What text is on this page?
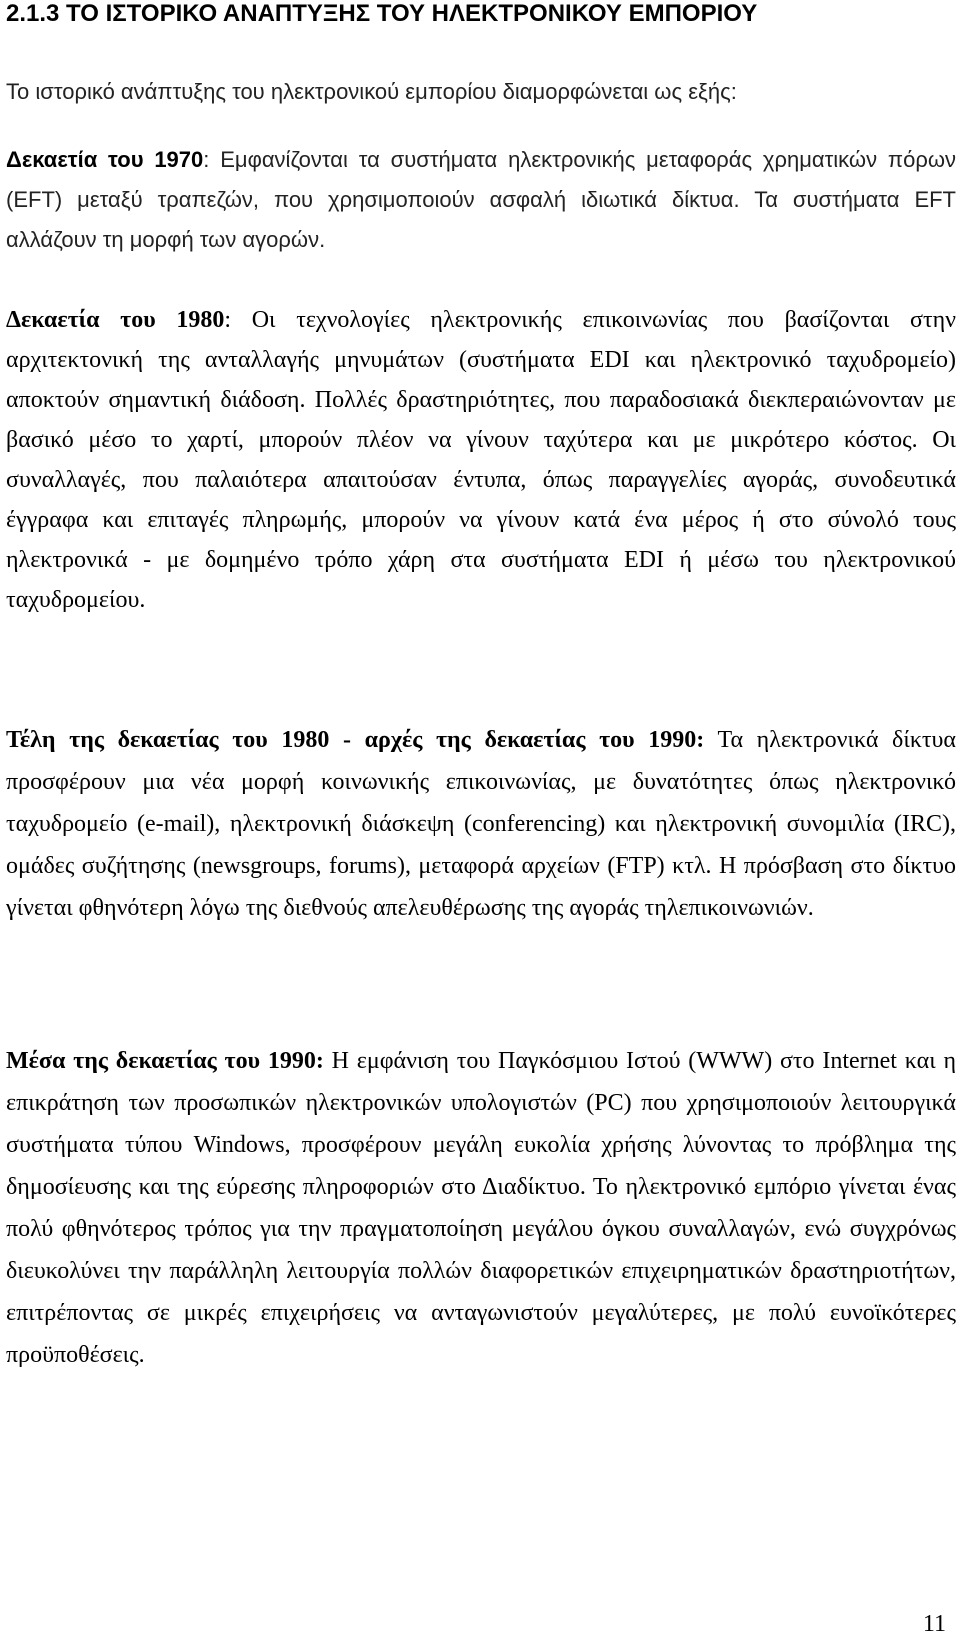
2.1.3 ΤΟ ΙΣΤΟΡΙΚΟ ΑΝΑΠΤΥΞΗΣ ΤΟΥ ΗΛΕΚΤΡΟΝΙΚΟΥ ΕΜΠΟΡΙΟΥ

Το ιστορικό ανάπτυξης του ηλεκτρονικού εμπορίου διαμορφώνεται ως εξής:

Δεκαετία του 1970: Εμφανίζονται τα συστήματα ηλεκτρονικής μεταφοράς χρηματικών πόρων (EFT) μεταξύ τραπεζών, που χρησιμοποιούν ασφαλή ιδιωτικά δίκτυα. Τα συστήματα EFT αλλάζουν τη μορφή των αγορών.

Δεκαετία του 1980: Οι τεχνολογίες ηλεκτρονικής επικοινωνίας που βασίζονται στην αρχιτεκτονική της ανταλλαγής μηνυμάτων (συστήματα EDI και ηλεκτρονικό ταχυδρομείο) αποκτούν σημαντική διάδοση. Πολλές δραστηριότητες, που παραδοσιακά διεκπεραιώνονταν με βασικό μέσο το χαρτί, μπορούν πλέον να γίνουν ταχύτερα και με μικρότερο κόστος. Οι συναλλαγές, που παλαιότερα απαιτούσαν έντυπα, όπως παραγγελίες αγοράς, συνοδευτικά έγγραφα και επιταγές πληρωμής, μπορούν να γίνουν κατά ένα μέρος ή στο σύνολό τους ηλεκτρονικά - με δομημένο τρόπο χάρη στα συστήματα EDI ή μέσω του ηλεκτρονικού ταχυδρομείου.

Τέλη της δεκαετίας του 1980 - αρχές της δεκαετίας του 1990: Τα ηλεκτρονικά δίκτυα προσφέρουν μια νέα μορφή κοινωνικής επικοινωνίας, με δυνατότητες όπως ηλεκτρονικό ταχυδρομείο (e-mail), ηλεκτρονική διάσκεψη (conferencing) και ηλεκτρονική συνομιλία (IRC), ομάδες συζήτησης (newsgroups, forums), μεταφορά αρχείων (FTP) κτλ. Η πρόσβαση στο δίκτυο γίνεται φθηνότερη λόγω της διεθνούς απελευθέρωσης της αγοράς τηλεπικοινωνιών.

Μέσα της δεκαετίας του 1990: Η εμφάνιση του Παγκόσμιου Ιστού (WWW) στο Internet και η επικράτηση των προσωπικών ηλεκτρονικών υπολογιστών (PC) που χρησιμοποιούν λειτουργικά συστήματα τύπου Windows, προσφέρουν μεγάλη ευκολία χρήσης λύνοντας το πρόβλημα της δημοσίευσης και της εύρεσης πληροφοριών στο Διαδίκτυο. Το ηλεκτρονικό εμπόριο γίνεται ένας πολύ φθηνότερος τρόπος για την πραγματοποίηση μεγάλου όγκου συναλλαγών, ενώ συγχρόνως διευκολύνει την παράλληλη λειτουργία πολλών διαφορετικών επιχειρηματικών δραστηριοτήτων, επιτρέποντας σε μικρές επιχειρήσεις να ανταγωνιστούν μεγαλύτερες, με πολύ ευνοϊκότερες προϋποθέσεις.

11
